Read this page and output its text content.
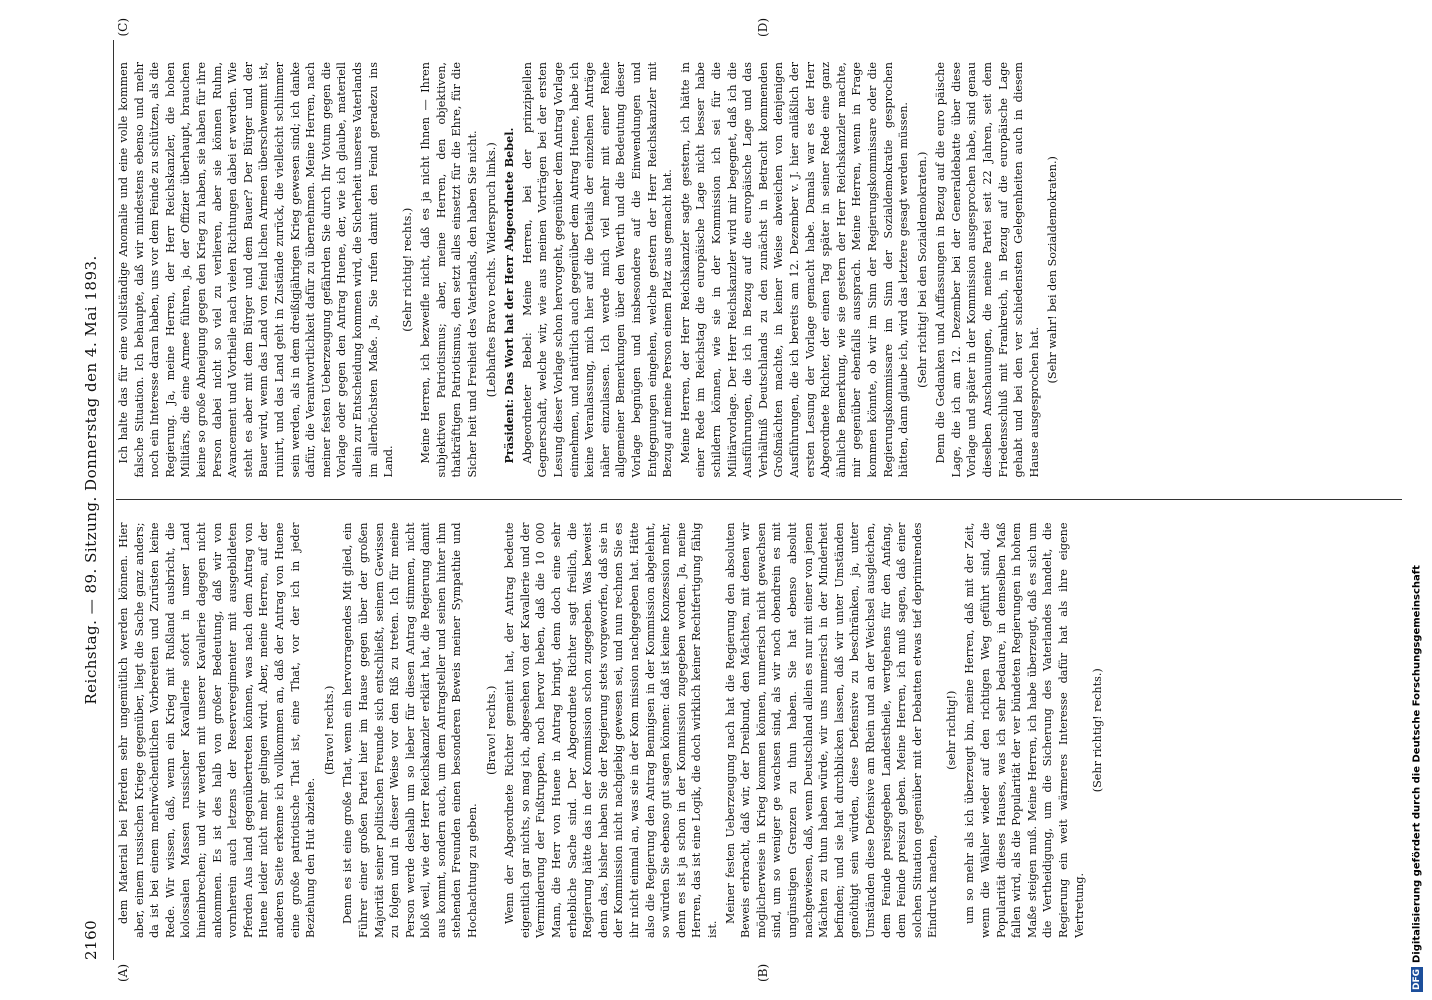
2160
Reichstag. — 89. Sitzung. Donnerstag den 4. Mai 1893.
(A)	(B)

dem Material bei Pferden sehr ungemütlich werden können. Hier aber, einem russischen Kriege gegenüber, liegt die Sache ganz anders; da ist bei einem mehrwöchentlichen Vorbereiten und Zurüsten keine Rede. Wir wissen, daß, wenn ein Krieg mit Rußland ausbricht, die kolossalen Massen russischer Kavallerie sofort in unser Land hineinbrechen; und wir werden mit unserer Kavallerie dagegen nicht ankommen. Es ist des halb von großer Bedeutung, daß wir von vornherein auch letzens der Reserveregimenter mit ausgebildeten Pferden Aus land gegenübertreten können, was nach dem Antrag von Huene leider nicht mehr gelingen wird. Aber, meine Herren, auf der anderen Seite erkenne ich vollkommen an, daß der Antrag von Huene eine große patriotische That ist, eine That, vor der ich in jeder Beziehung den Hut abziehe.

(Bravo! rechts.) Denn es ist eine große That, wenn ein hervorragendes Mit glied, ein Führer einer großen Partei hier im Hause gegen über der großen Majorität seiner politischen Freunde sich entschließt, seinem Gewissen zu folgen und in dieser Weise vor den Riß zu treten. Ich für meine Person werde deshalb um so lieber für diesen Antrag stimmen, nicht bloß weil, wie der Herr Reichskanzler erklärt hat, die Regierung damit aus kommt, sondern auch, um dem Antragsteller und seinen hinter ihm stehenden Freunden einen besonderen Beweis meiner Sympathie und Hochachtung zu geben.

(Bravo! rechts.) Wenn der Abgeordnete Richter gemeint hat, der Antrag bedeute eigentlich gar nichts, so mag ich, abgesehen von der Kavallerie und der Verminderung der Fußtruppen, noch hervor heben, daß die 10 000 Mann, die Herr von Huene in Antrag bringt, denn doch eine sehr erhebliche Sache sind. Der Abgeordnete Richter sagt freilich, die Regierung hätte das in der Kommission schon zugegeben. Was beweist denn das, bisher haben Sie der Regierung stets vorgeworfen, daß sie in der Kommission nicht nachgiebig gewesen sei, und nun rechnen Sie es ihr nicht einmal an, was sie in der Kom mission nachgegeben hat. Hätte also die Regierung den Antrag Bennigsen in der Kommission abgelehnt, so würden Sie ebenso gut sagen können: daß ist keine Konzession mehr, denn es ist ja schon in der Kommission zugegeben worden. Ja, meine Herren, das ist eine Logik, die doch wirklich keiner Rechtfertigung fähig ist.

Meiner festen Ueberzeugung nach hat die Regierung den absoluten Beweis erbracht, daß wir, der Dreibund, den Mächten, mit denen wir möglicherweise in Krieg kommen können, numerisch nicht gewachsen sind, um so weniger ge wachsen sind, als wir noch obendrein es mit ungünstigen Grenzen zu thun haben. Sie hat ebenso absolut nachgewiesen, daß, wenn Deutschland allein es nur mit einer von jenen Mächten zu thun haben würde, wir uns numerisch in der Minderheit befinden; und sie hat durchblicken lassen, daß wir unter Umständen genöthigt sein würden, diese Defensive zu beschränken, ja, unter Umständen diese Defensive am Rhein und an der Weichsel ausgleichen, dem Feinde preisgegeben Landestheile, wertgehens für den Anfang, dem Feinde preiszu geben. Meine Herren, ich muß sagen, daß einer solchen Situation gegenüber mit der Debatten etwas tief deprimirendes Eindruck machen,

(sehr richtig!) um so mehr als ich überzeugt bin, meine Herren, daß mit der Zeit, wenn die Wähler wieder auf den richtigen Weg geführt sind, die Popularität dieses Hauses, was ich sehr bedaure, in demselben Maß fallen wird, als die Popularität der ver bündeten Regierungen in hohem Maße steigen muß. Meine Herren, ich habe überzeugt, daß es sich um die Vertheidigung, um die Sicherung des Vaterlandes handelt, die Regierung ein weit wärmeres Interesse dafür hat als ihre eigene Vertretung.

(Sehr richtig! rechts.)

(C)	(D)

Ich halte das für eine vollständige Anomalie und eine volle kommen falsche Situation. Ich behaupte, daß wir mindestens ebenso und mehr noch ein Interesse daran haben, uns vor dem Feinde zu schützen, als die Regierung. Ja, meine Herren, der Herr Reichskanzler, die hohen Militärs, die eine Armee führen, ja, der Offizier überhaupt, brauchen keine so große Abneigung gegen den Krieg zu haben, sie haben für ihre Person dabei nicht so viel zu verlieren, aber sie können Ruhm, Avancement und Vortheile nach vielen Richtungen dabei er werden. Wie steht es aber mit dem Bürger und dem Bauer? Der Bürger und der Bauer wird, wenn das Land von feind lichen Armeen überschwemmt ist, ruinirt, und das Land geht in Zustände zurück, die vielleicht schlimmer sein werden, als in dem dreißigjährigen Krieg gewesen sind; ich danke dafür, die Verantwortlichkeit dafür zu übernehmen. Meine Herren, nach meiner festen Ueberzeugung gefährden Sie durch Ihr Votum gegen die Vorlage oder gegen den Antrag Huene, der, wie ich glaube, materiell allein zur Entscheidung kommen wird, die Sicherheit unseres Vaterlands im allerhöchsten Maße. Ja, Sie rufen damit den Feind geradezu ins Land.

(Sehr richtig! rechts.) Meine Herren, ich bezweifle nicht, daß es ja nicht Ihnen — Ihren subjektiven Patriotismus; aber, meine Herren, den objektiven, thatkräftigen Patriotismus, den setzt alles einsetzt für die Ehre, für die Sicher heit und Freiheit des Vaterlands, den haben Sie nicht. (Lebhaftes Bravo rechts. Widerspruch links.) Präsident: Das Wort hat der Herr Abgeordnete Bebel. Abgeordneter Bebel: Meine Herren, bei der prinzipiellen Gegnerschaft, welche wir, wie aus meinen Vorträgen bei der ersten Lesung dieser Vorlage schon hervorgeht, gegenüber dem Antrag Vorlage einnehmen, und natürlich auch gegenüber dem Antrag Huene, habe ich keine Veranlassung, mich hier auf die Details der einzelnen Anträge näher einzulassen. Ich werde mich viel mehr mit einer Reihe allgemeiner Bemerkungen über den Werth und die Bedeutung dieser Vorlage begnügen und insbesondere auf die Einwendungen und Entgegnungen eingehen, welche gestern der Herr Reichskanzler mit Bezug auf meine Person einem Platz aus gemacht hat. Meine Herren, der Herr Reichskanzler sagte gestern, ich hätte in einer Rede im Reichstag die europäische Lage nicht besser habe schildern können, wie sie in der Kommission ich sei für die Militärvorlage. Der Herr Reichskanzler wird mir begegnet, daß ich die Ausführungen, die ich in Bezug auf die europäische Lage und das Verhältniß Deutschlands zu den zunächst in Betracht kommenden Großmächten machte, in keiner Weise abweichen von denjenigen Ausführungen, die ich bereits am 12. Dezember v. J. hier anläßlich der ersten Lesung der Vorlage gemacht habe. Damals war es der Herr Abgeordnete Richter, der einen Tag später in seiner Rede eine ganz ähnliche Bemerkung, wie sie gestern der Herr Reichskanzler machte, mir gegenüber ebenfalls aussprach. Meine Herren, wenn in Frage kommen könnte, ob wir im Sinn der Regierungskommissare oder die Regierungskommissare im Sinn der Sozialdemokratie gesprochen hätten, dann glaube ich, wird das letztere gesagt werden müssen. (Sehr richtig! bei den Sozialdemokraten.) Denn die Gedanken und Auffassungen in Bezug auf die euro päische Lage, die ich am 12. Dezember bei der Generaldebatte über diese Vorlage und später in der Kommission ausgesprochen habe, sind genau dieselben Anschauungen, die meine Partei seit 22 Jahren, seit dem Friedensschluß mit Frankreich, in Bezug auf die europäische Lage gehabt und bei den ver schiedensten Gelegenheiten auch in diesem Hause ausgesprochen hat.

(Sehr wahr! bei den Sozialdemokraten.)

DFG
Digitalisierung gefördert durch die Deutsche Forschungsgemeinschaft
